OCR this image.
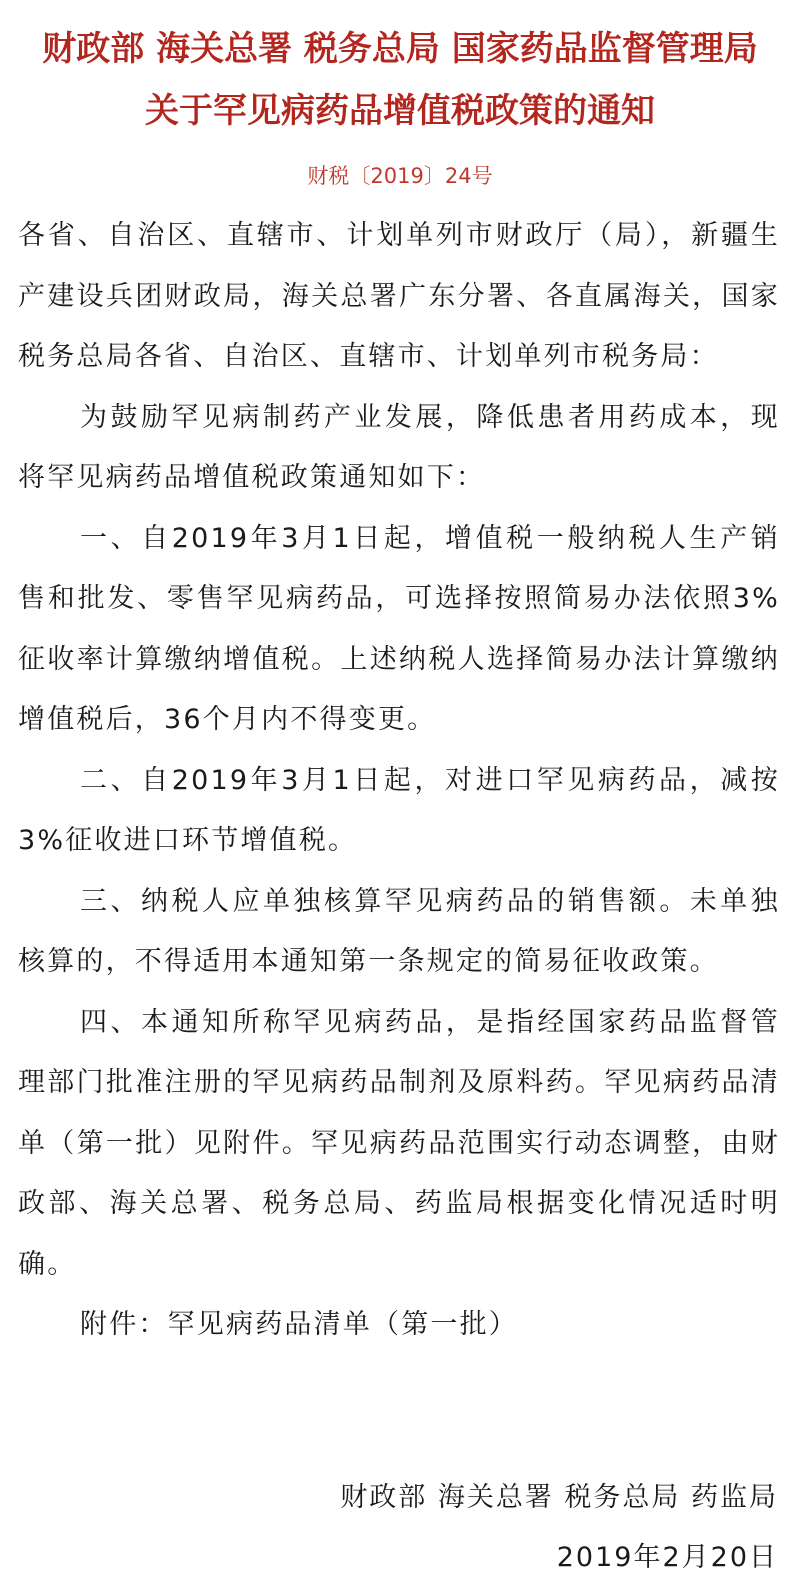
财政部 海关总署 税务总局 国家药品监督管理局
关于罕见病药品增值税政策的通知
财税〔2019〕24号

各省、自治区、直辖市、计划单列市财政厅（局），新疆生产建设兵团财政局，海关总署广东分署、各直属海关，国家税务总局各省、自治区、直辖市、计划单列市税务局：

为鼓励罕见病制药产业发展，降低患者用药成本，现将罕见病药品增值税政策通知如下：

一、自2019年3月1日起，增值税一般纳税人生产销售和批发、零售罕见病药品，可选择按照简易办法依照3%征收率计算缴纳增值税。上述纳税人选择简易办法计算缴纳增值税后，36个月内不得变更。

二、自2019年3月1日起，对进口罕见病药品，减按3%征收进口环节增值税。

三、纳税人应单独核算罕见病药品的销售额。未单独核算的，不得适用本通知第一条规定的简易征收政策。

四、本通知所称罕见病药品，是指经国家药品监督管理部门批准注册的罕见病药品制剂及原料药。罕见病药品清单（第一批）见附件。罕见病药品范围实行动态调整，由财政部、海关总署、税务总局、药监局根据变化情况适时明确。

附件：罕见病药品清单（第一批）

财政部 海关总署 税务总局 药监局
2019年2月20日
